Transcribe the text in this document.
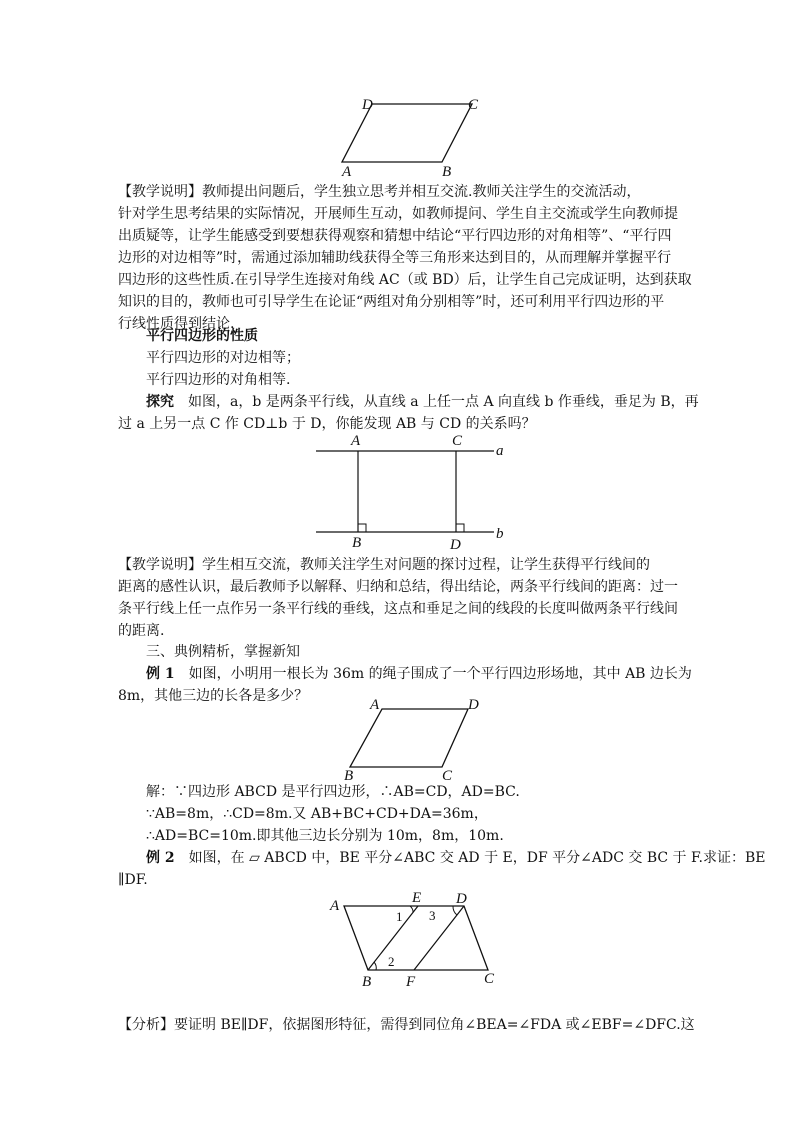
D	C
A	B
【教学说明】教师提出问题后，学生独立思考并相互交流.教师关注学生的交流活动，
针对学生思考结果的实际情况，开展师生互动，如教师提问、学生自主交流或学生向教师提
出质疑等，让学生能感受到要想获得观察和猜想中结论“平行四边形的对角相等”、“平行四
边形的对边相等”时，需通过添加辅助线获得全等三角形来达到目的，从而理解并掌握平行
四边形的这些性质.在引导学生连接对角线 AC（或 BD）后，让学生自己完成证明，达到获取
知识的目的，教师也可引导学生在论证“两组对角分别相等”时，还可利用平行四边形的平
行线性质得到结论.
平行四边形的性质
平行四边形的对边相等；
平行四边形的对角相等.
探究　如图，a，b 是两条平行线，从直线 a 上任一点 A 向直线 b 作垂线，垂足为 B，再
过 a 上另一点 C 作 CD⊥b 于 D，你能发现 AB 与 CD 的关系吗？
A	C
a
B	D
b
【教学说明】学生相互交流，教师关注学生对问题的探讨过程，让学生获得平行线间的
距离的感性认识，最后教师予以解释、归纳和总结，得出结论，两条平行线间的距离：过一
条平行线上任一点作另一条平行线的垂线，这点和垂足之间的线段的长度叫做两条平行线间
的距离.
三、典例精析，掌握新知
例 1　如图，小明用一根长为 36m 的绳子围成了一个平行四边形场地，其中 AB 边长为
8m，其他三边的长各是多少？
A	D
B	C
解：∵四边形 ABCD 是平行四边形，∴AB=CD，AD=BC.
∵AB=8m，∴CD=8m.又 AB+BC+CD+DA=36m，
∴AD=BC=10m.即其他三边长分别为 10m，8m，10m.
例 2　如图，在 ▱ ABCD 中，BE 平分∠ABC 交 AD 于 E，DF 平分∠ADC 交 BC 于 F.求证：BE
∥DF.
A	E D
B F	C
1
2
3
【分析】要证明 BE∥DF，依据图形特征，需得到同位角∠BEA=∠FDA 或∠EBF=∠DFC.这
